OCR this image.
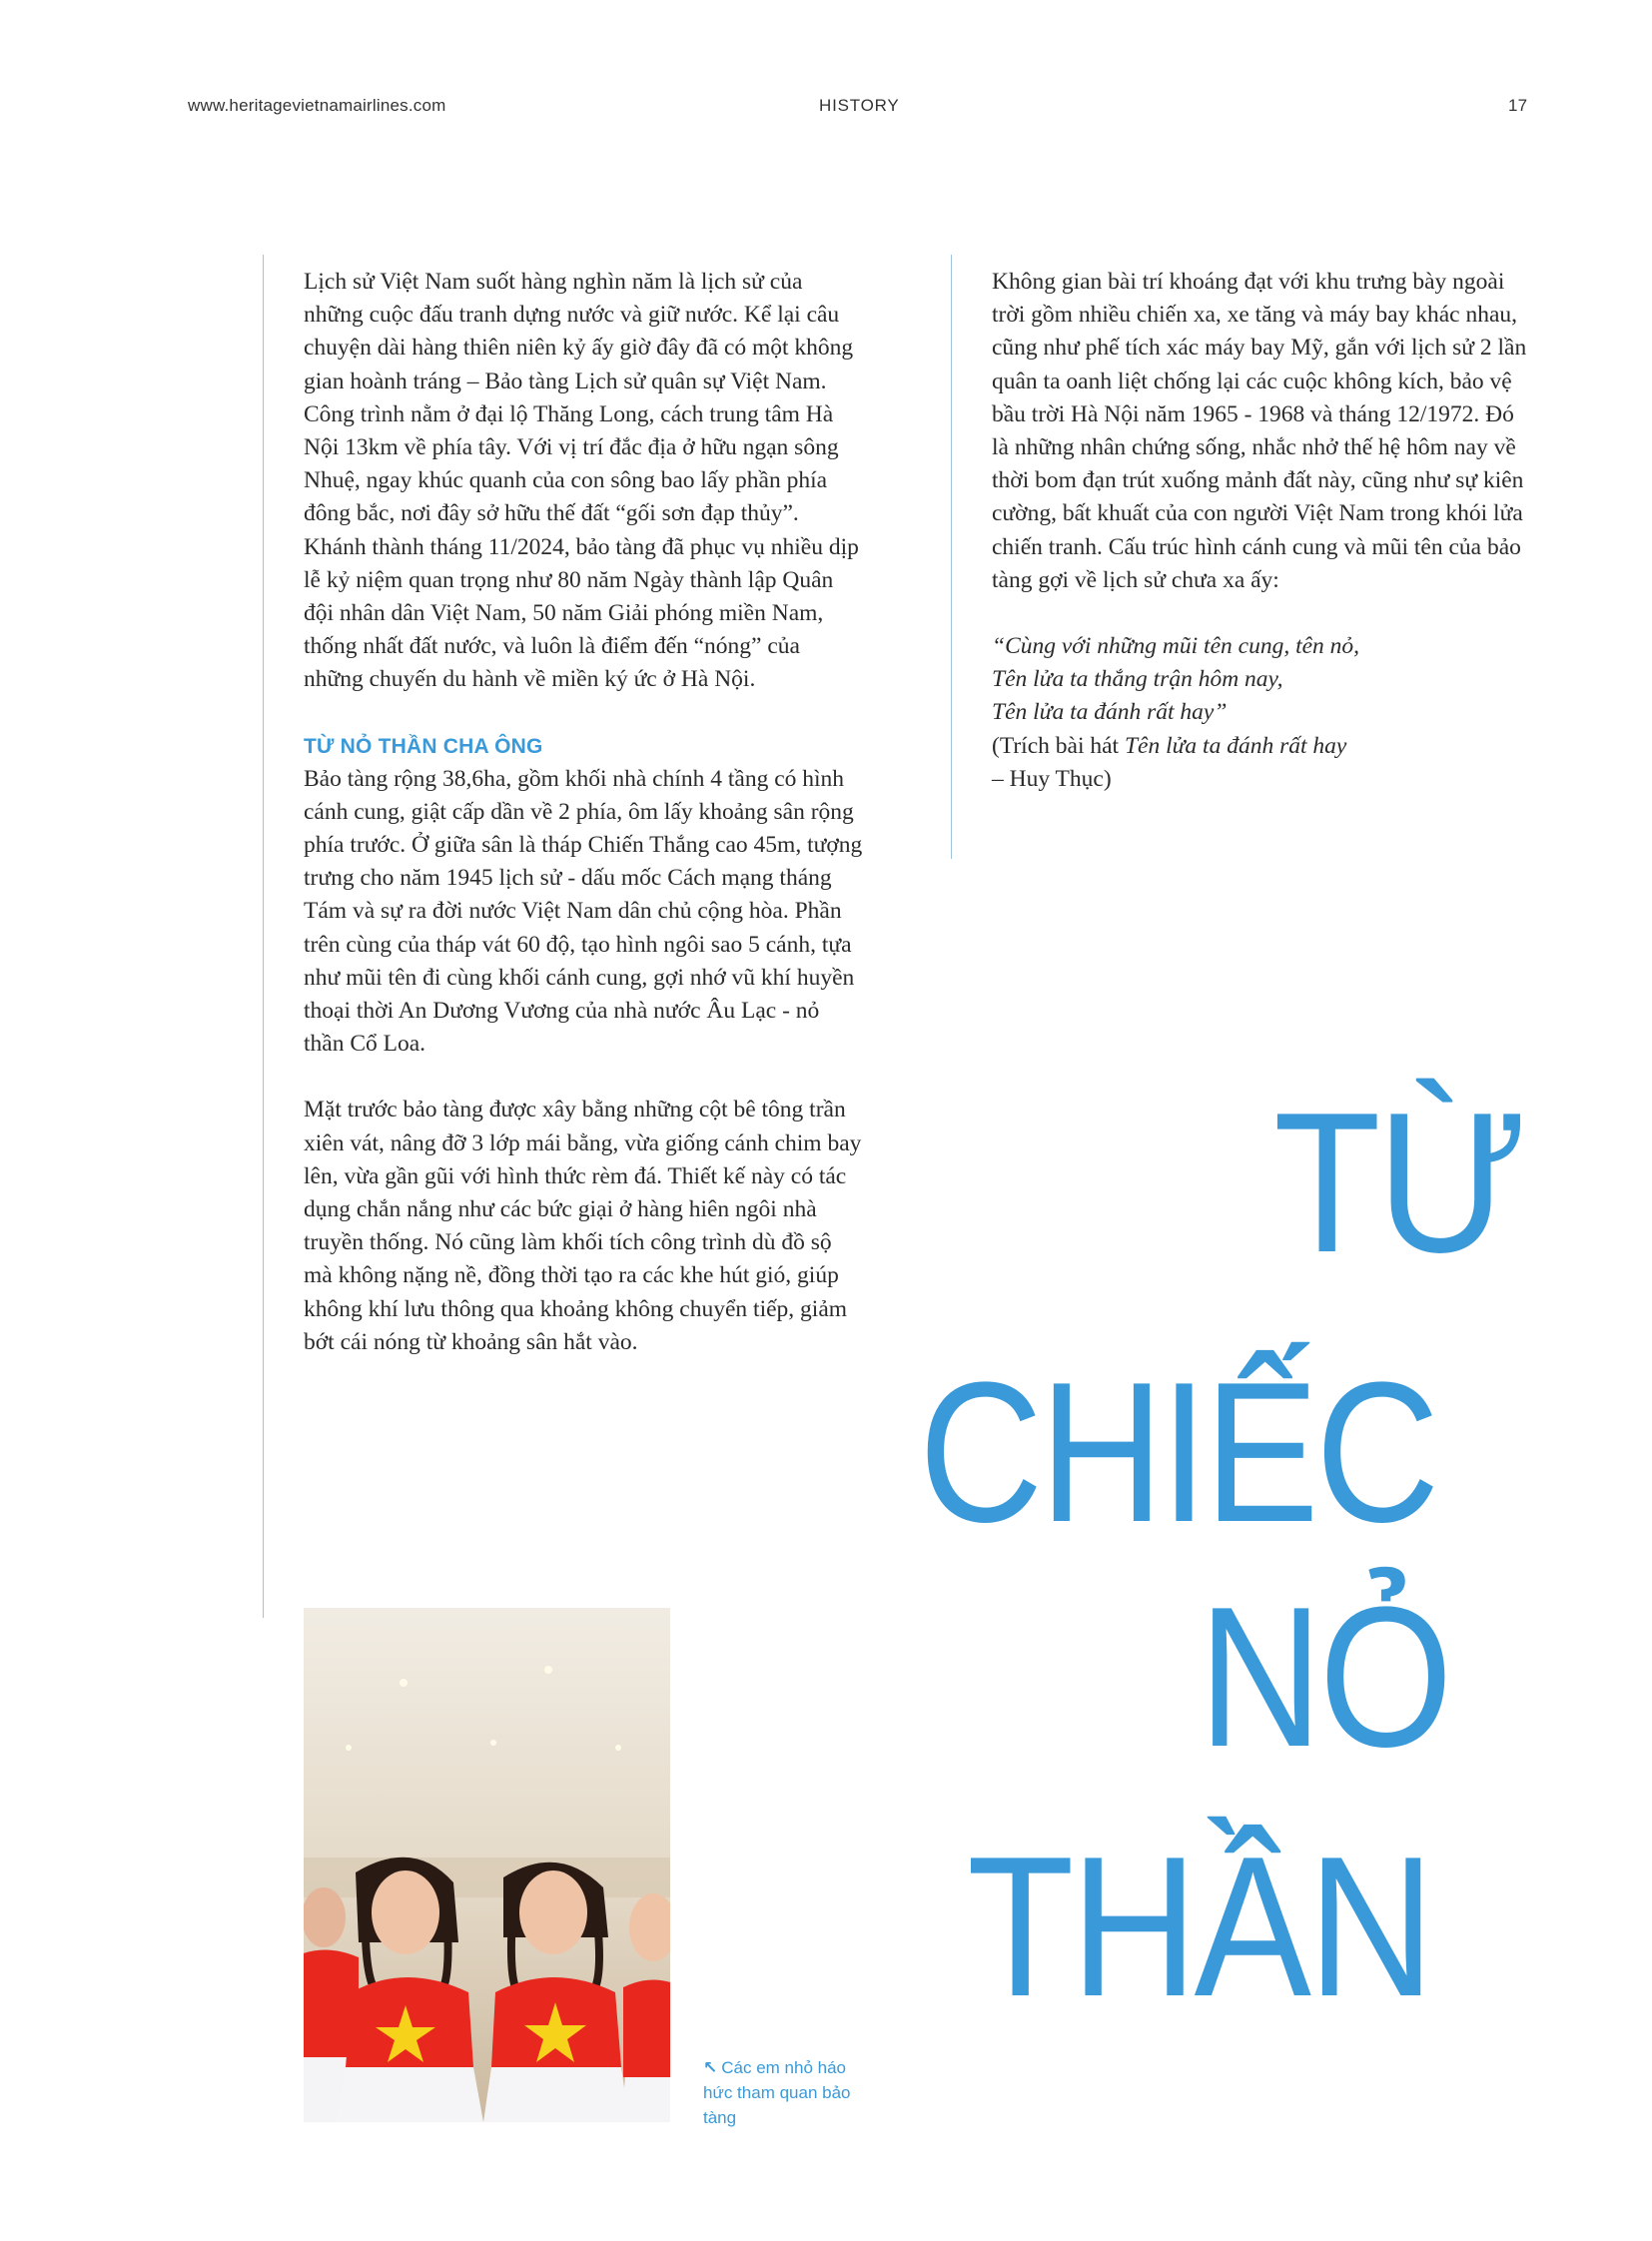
www.heritagevietnamairlines.com	HISTORY	17

Lịch sử Việt Nam suốt hàng nghìn năm là lịch sử của những cuộc đấu tranh dựng nước và giữ nước. Kể lại câu chuyện dài hàng thiên niên kỷ ấy giờ đây đã có một không gian hoành tráng – Bảo tàng Lịch sử quân sự Việt Nam. Công trình nằm ở đại lộ Thăng Long, cách trung tâm Hà Nội 13km về phía tây. Với vị trí đắc địa ở hữu ngạn sông Nhuệ, ngay khúc quanh của con sông bao lấy phần phía đông bắc, nơi đây sở hữu thế đất “gối sơn đạp thủy”. Khánh thành tháng 11/2024, bảo tàng đã phục vụ nhiều dịp lễ kỷ niệm quan trọng như 80 năm Ngày thành lập Quân đội nhân dân Việt Nam, 50 năm Giải phóng miền Nam, thống nhất đất nước, và luôn là điểm đến “nóng” của những chuyến du hành về miền ký ức ở Hà Nội.

TỪ NỎ THẦN CHA ÔNG

Bảo tàng rộng 38,6ha, gồm khối nhà chính 4 tầng có hình cánh cung, giật cấp dần về 2 phía, ôm lấy khoảng sân rộng phía trước. Ở giữa sân là tháp Chiến Thắng cao 45m, tượng trưng cho năm 1945 lịch sử - dấu mốc Cách mạng tháng Tám và sự ra đời nước Việt Nam dân chủ cộng hòa. Phần trên cùng của tháp vát 60 độ, tạo hình ngôi sao 5 cánh, tựa như mũi tên đi cùng khối cánh cung, gợi nhớ vũ khí huyền thoại thời An Dương Vương của nhà nước Âu Lạc - nỏ thần Cổ Loa.

Mặt trước bảo tàng được xây bằng những cột bê tông trần xiên vát, nâng đỡ 3 lớp mái bằng, vừa giống cánh chim bay lên, vừa gần gũi với hình thức rèm đá. Thiết kế này có tác dụng chắn nắng như các bức giại ở hàng hiên ngôi nhà truyền thống. Nó cũng làm khối tích công trình dù đồ sộ mà không nặng nề, đồng thời tạo ra các khe hút gió, giúp không khí lưu thông qua khoảng không chuyển tiếp, giảm bớt cái nóng từ khoảng sân hắt vào.

Không gian bài trí khoáng đạt với khu trưng bày ngoài trời gồm nhiều chiến xa, xe tăng và máy bay khác nhau, cũng như phế tích xác máy bay Mỹ, gắn với lịch sử 2 lần quân ta oanh liệt chống lại các cuộc không kích, bảo vệ bầu trời Hà Nội năm 1965 - 1968 và tháng 12/1972. Đó là những nhân chứng sống, nhắc nhở thế hệ hôm nay về thời bom đạn trút xuống mảnh đất này, cũng như sự kiên cường, bất khuất của con người Việt Nam trong khói lửa chiến tranh. Cấu trúc hình cánh cung và mũi tên của bảo tàng gợi về lịch sử chưa xa ấy:

“Cùng với những mũi tên cung, tên nỏ,

Tên lửa ta thắng trận hôm nay,

Tên lửa ta đánh rất hay”

(Trích bài hát Tên lửa ta đánh rất hay

– Huy Thục)

↖ Các em nhỏ háo hức tham quan bảo tàng
TỪ
CHIẾC
NỎ
THẦN
